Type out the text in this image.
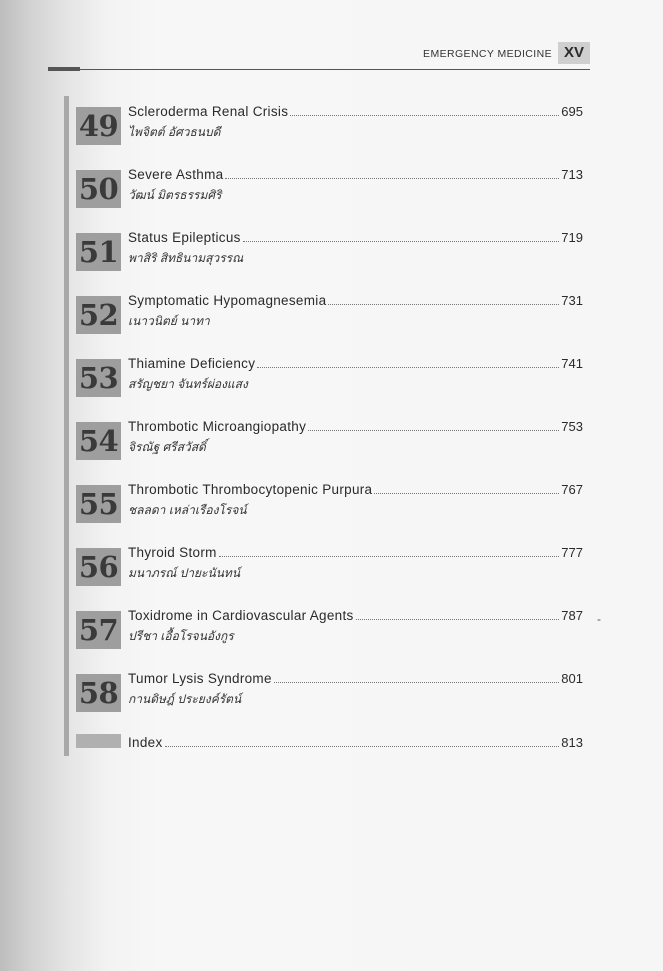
EMERGENCY MEDICINE XV
49 Scleroderma Renal Crisis	695
ไพจิตต์ อัศวธนบดี
50 Severe Asthma	713
วัฒน์ มิตรธรรมศิริ
51 Status Epilepticus	719
พาสิริ สิทธินามสุวรรณ
52 Symptomatic Hypomagnesemia	731
เนาวนิตย์ นาทา
53 Thiamine Deficiency	741
สรัญชยา จันทร์ผ่องแสง
54 Thrombotic Microangiopathy	753
จิรณัฐ ศรีสวัสดิ์
55 Thrombotic Thrombocytopenic Purpura	767
ชลลดา เหล่าเรืองโรจน์
56 Thyroid Storm	777
มนาภรณ์ ปายะนันทน์
57 Toxidrome in Cardiovascular Agents	787
ปรีชา เอื้อโรจนอังกูร
58 Tumor Lysis Syndrome	801
กานดิษฎ์ ประยงค์รัตน์
Index	813
-
